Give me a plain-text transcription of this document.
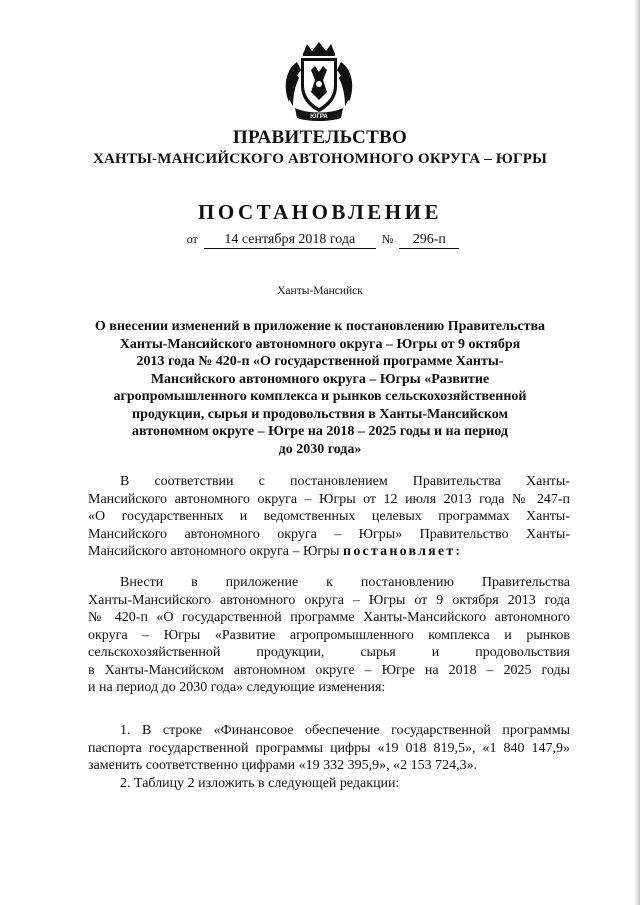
ЮГРА
ПРАВИТЕЛЬСТВО
ХАНТЫ-МАНСИЙСКОГО АВТОНОМНОГО ОКРУГА – ЮГРЫ
ПОСТАНОВЛЕНИЕ
от 14 сентября 2018 года № 296-п
Ханты-Мансийск
О внесении изменений в приложение к постановлению Правительства
Ханты-Мансийского автономного округа – Югры от 9 октября
2013 года № 420-п «О государственной программе Ханты-
Мансийского автономного округа – Югры «Развитие
агропромышленного комплекса и рынков сельскохозяйственной
продукции, сырья и продовольствия в Ханты-Мансийском
автономном округе – Югре на 2018 – 2025 годы и на период
до 2030 года»
В соответствии с постановлением Правительства Ханты-
Мансийского автономного округа – Югры от 12 июля 2013 года № 247-п
«О государственных и ведомственных целевых программах Ханты-
Мансийского автономного округа – Югры» Правительство Ханты-
Мансийского автономного округа – Югры постановляет:
Внести в приложение к постановлению Правительства
Ханты-Мансийского автономного округа – Югры от 9 октября 2013 года
№ 420-п «О государственной программе Ханты-Мансийского автономного
округа – Югры «Развитие агропромышленного комплекса и рынков
сельскохозяйственной продукции, сырья и продовольствия
в Ханты-Мансийском автономном округе – Югре на 2018 – 2025 годы
и на период до 2030 года» следующие изменения:
1. В строке «Финансовое обеспечение государственной программы
паспорта государственной программы цифры «19 018 819,5», «1 840 147,9»
заменить соответственно цифрами «19 332 395,9», «2 153 724,3».
2. Таблицу 2 изложить в следующей редакции:
